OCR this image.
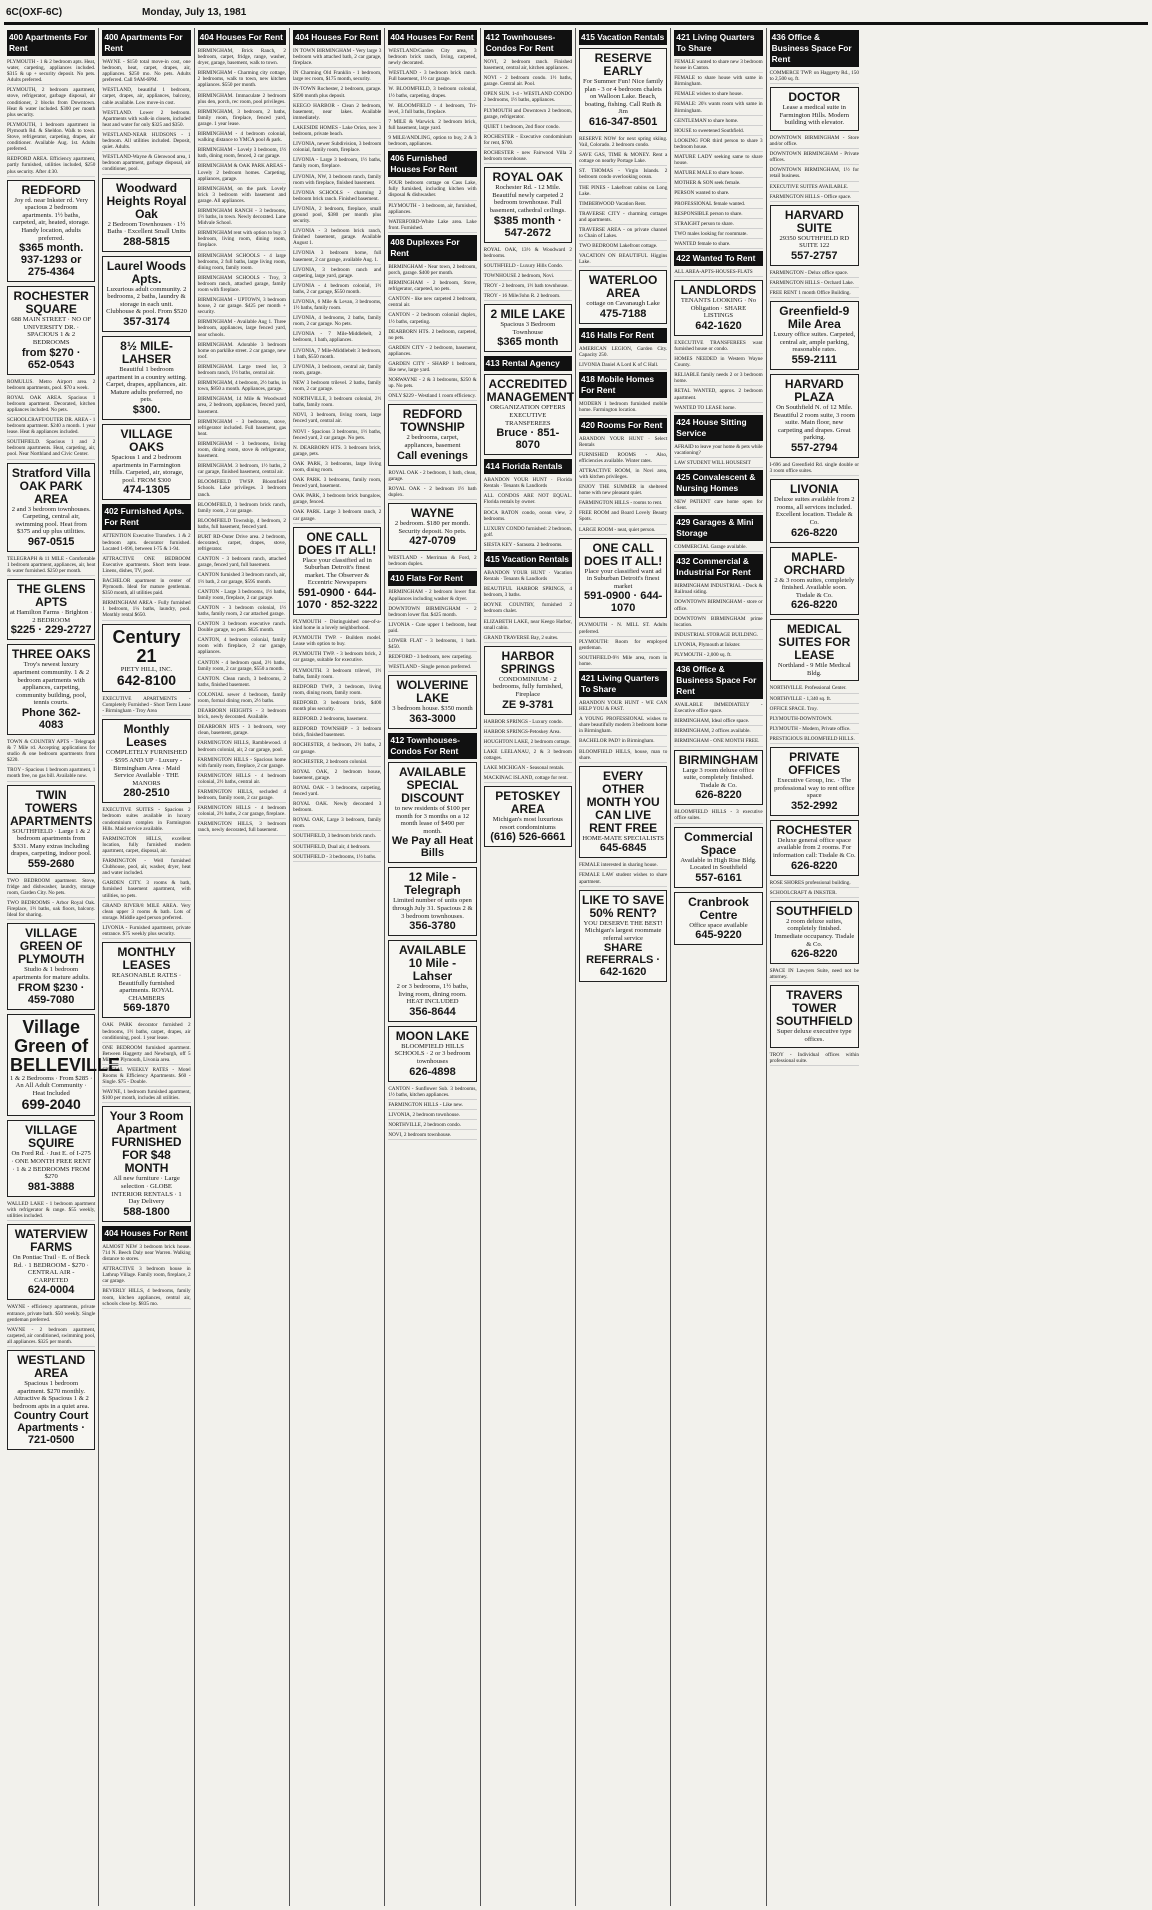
6C(OXF-6C)	Monday, July 13, 1981
400 Apartments For Rent
PLYMOUTH - 1 & 2 bedroom apts. Heat, water, carpeting, appliances included. $315 & up + security deposit. No pets. Adults preferred.
PLYMOUTH, 2 bedroom apartment, stove, refrigerator, garbage disposal, air conditioner, 2 blocks from Downtown. Heat & water included. $300 per month plus security.
PLYMOUTH, 1 bedroom apartment in Plymouth Rd. & Sheldon. Walk to town. Stove, refrigerator, carpeting, drapes, air conditioner. Available Aug. 1st. Adults preferred.
REDFORD AREA. Efficiency apartment, partly furnished, utilities included, $250 plus security. After 4:30.
REDFORD
Joy rd. near Inkster rd. Very spacious 2 bedroom apartments. 1½ baths, carpeted, air, heated, storage. Handy location, adults preferred.
$365 month. 937-1293 or 275-4364
ROCHESTER SQUARE
688 MAIN STREET · NO OF UNIVERSITY DR. · SPACIOUS 1 & 2 BEDROOMS
from $270 · 652-0543
ROMULUS. Metro Airport area. 2 bedroom apartments, pool. $70 a week.
ROYAL OAK AREA. Spacious 1 bedroom apartment. Decorated, kitchen appliances included. No pets.
SCHOOLCRAFT/OUTER DR. AREA - 1 bedroom apartment. $240 a month. 1 year lease. Heat & appliances included.
SOUTHFIELD. Spacious 1 and 2 bedroom apartments. Heat, carpeting, air, pool. Near Northland and Civic Center.
Stratford Villa OAK PARK AREA
2 and 3 bedroom townhouses. Carpeting, central air, swimming pool. Heat from $375 and up plus utilities.
967-0515
TELEGRAPH & 11 MILE - Comfortable 1 bedroom apartment, appliances, air, heat & water furnished. $250 per month.
THE GLENS APTS
at Hamilton Farms · Brighton · 2 BEDROOM
$225 · 229-2727
THREE OAKS
Troy's newest luxury apartment community. 1 & 2 bedroom apartments with appliances, carpeting, community building, pool, tennis courts.
Phone 362-4083
TOWN & COUNTRY APTS - Telegraph & 7 Mile rd. Accepting applications for studio & one bedroom apartments from $220.
TROY - Spacious 1 bedroom apartment, 1 month free, no gas bill. Available now.
TWIN TOWERS APARTMENTS
SOUTHFIELD · Large 1 & 2 bedroom apartments from $331. Many extras including drapes, carpeting, indoor pool.
559-2680
TWO BEDROOM apartment. Stove, fridge and dishwasher, laundry, storage room, Garden City. No pets.
TWO BEDROOMS - Arbor Royal Oak. Fireplace, 1½ baths, oak floors, balcony. Ideal for sharing.
VILLAGE GREEN OF PLYMOUTH
Studio & 1 bedroom apartments for mature adults.
FROM $230 · 459-7080
Village Green of BELLEVILLE
1 & 2 Bedrooms · From $285 · An All Adult Community · Heat Included
699-2040
VILLAGE SQUIRE
On Ford Rd. · Just E. of I-275 · ONE MONTH FREE RENT · 1 & 2 BEDROOMS FROM $270
981-3888
WALLED LAKE - 1 bedroom apartment with refrigerator & range. $55 weekly, utilities included.
WATERVIEW FARMS
On Pontiac Trail · E. of Beck Rd. · 1 BEDROOM - $270 · CENTRAL AIR - CARPETED
624-0004
WAYNE - efficiency apartments, private entrance, private bath. $50 weekly. Single gentleman preferred.
WAYNE - 2 bedroom apartment, carpeted, air conditioned, swimming pool, all appliances. $325 per month.
WESTLAND AREA
Spacious 1 bedroom apartment. $270 monthly. Attractive & Spacious 1 & 2 bedroom apts in a quiet area.
Country Court Apartments · 721-0500
400 Apartments For Rent
WAYNE - $150 total move-in cost, one bedroom, heat, carpet, drapes, air, appliances. $250 mo. No pets. Adults preferred. Call 9AM-6PM.
WESTLAND, beautiful 1 bedroom, carpet, drapes, air, appliances, balcony, cable available. Low move-in cost.
WESTLAND. Lower 2 bedroom. Apartments with walk-in closets, included heat and water for only $325 and $350.
WESTLAND-NEAR HUDSONS - 1 bedroom. All utilities included. Deposit, quiet. Adults.
WESTLAND-Wayne & Glenwood area, 1 bedroom apartment, garbage disposal, air conditioner, pool.
Woodward Heights Royal Oak
2 Bedroom Townhouses · 1½ Baths · Excellent Small Units
288-5815
Laurel Woods Apts.
Luxurious adult community. 2 bedrooms, 2 baths, laundry & storage in each unit. Clubhouse & pool. From $520
357-3174
8½ MILE-LAHSER
Beautiful 1 bedroom apartment in a country setting. Carpet, drapes, appliances, air. Mature adults preferred, no pets.
$300.
VILLAGE OAKS
Spacious 1 and 2 bedroom apartments in Farmington Hills. Carpeted, air, storage, pool. FROM $300
474-1305
402 Furnished Apts. For Rent
ATTENTION Executive Transfers. 1 & 2 bedroom apts. decorator furnished. Located 1-696, between I-75 & 1-94.
ATTRACTIVE ONE BEDROOM Executive apartments. Short term lease. Linens, dishes, TV, pool.
BACHELOR apartment in center of Plymouth. Ideal for mature gentleman. $350 month, all utilities paid.
BIRMINGHAM AREA - Fully furnished 1 bedroom, 1¼ baths, laundry, pool. Monthly rental $650.
Century 21
PIETY HILL, INC.
642-8100
EXECUTIVE APARTMENTS - Completely Furnished - Short Term Lease - Birmingham - Troy Area
Monthly Leases
COMPLETELY FURNISHED · $595 AND UP · Luxury - Birmingham Area · Maid Service Available · THE MANORS
280-2510
EXECUTIVE SUITES - Spacious 2 bedroom suites available in luxury condominium complex in Farmington Hills. Maid service available.
FARMINGTON HILLS, excellent location, fully furnished modern apartment, carpet, disposal, air.
FARMINGTON - Well furnished Clubhouse, pool, air, washer, dryer, heat and water included.
GARDEN CITY. 3 rooms & bath, furnished basement apartment, with utilities, no pets.
GRAND RIVER/8 MILE AREA. Very clean upper 3 rooms & bath. Lots of storage. Middle aged person preferred.
LIVONIA - Furnished apartment, private entrance. $75 weekly plus security.
MONTHLY LEASES
REASONABLE RATES · Beautifully furnished apartments. ROYAL CHAMBERS
569-1870
OAK PARK decorator furnished 2 bedrooms, 1½ baths, carpet, drapes, air conditioning, pool. 1 year lease.
ONE BEDROOM furnished apartment. Between Haggerty and Newburgh, off 5 Mile rd. Plymouth, Livonia area.
SPECIAL WEEKLY RATES - Motel Rooms & Efficiency Apartments. $60 - Single. $75 - Double.
WAYNE, 1 bedroom furnished apartment, $100 per month, includes all utilities.
Your 3 Room Apartment FURNISHED FOR $48 MONTH
All new furniture · Large selection · GLOBE INTERIOR RENTALS · 1 Day Delivery
588-1800
404 Houses For Rent
ALMOST NEW 3 bedroom brick house. 714 N. Beech Daly near Warren. Walking distance to stores.
ATTRACTIVE 3 bedroom house in Lathrup Village. Family room, fireplace, 2 car garage.
BEVERLY HILLS, 4 bedrooms, family room, kitchen appliances, central air, schools close by. $835 mo.
404 Houses For Rent
BIRMINGHAM, Brick Ranch, 2 bedroom, carpet, fridge, range, washer, dryer, garage, basement, walk to town.
BIRMINGHAM - Charming city cottage, 2 bedrooms, walk to town, new kitchen appliances. $550 per month.
BIRMINGHAM. Immaculate 2 bedroom plus den, porch, rec room, pool privileges.
BIRMINGHAM, 3 bedroom, 2 baths, family room, fireplace, fenced yard, garage. 1 year lease.
BIRMINGHAM - 4 bedroom colonial, walking distance to YMCA pool & park.
BIRMINGHAM - Lovely 3 bedroom, 1½ bath, dining room, fenced, 2 car garage.
BIRMINGHAM & OAK PARK AREAS - Lovely 2 bedroom homes. Carpeting, appliances, garage.
BIRMINGHAM, on the park. Lovely brick 3 bedroom with basement and garage. All appliances.
BIRMINGHAM RANCH - 3 bedrooms, 1½ baths, in town. Newly decorated. Lane Midvale School.
BIRMINGHAM rent with option to buy. 3 bedroom, living room, dining room, fireplace.
BIRMINGHAM SCHOOLS - 4 large bedrooms, 2 full baths, large living room, dining room, family room.
BIRMINGHAM SCHOOLS - Troy, 3 bedroom ranch, attached garage, family room with fireplace.
BIRMINGHAM - UPTOWN, 3 bedroom house, 2 car garage. $425 per month + security.
BIRMINGHAM - Available Aug 1. Three bedroom, appliances, large fenced yard, near schools.
BIRMINGHAM. Adorable 3 bedroom home on parklike street. 2 car garage, new roof.
BIRMINGHAM. Large treed lot, 3 bedroom ranch, 1½ baths, central air.
BIRMINGHAM, 4 bedroom, 2½ baths, in town, $850 a month. Appliances, garage.
BIRMINGHAM, 14 Mile & Woodward area, 2 bedroom, appliances, fenced yard, basement.
BIRMINGHAM - 3 bedrooms, stove, refrigerator included. Full basement, gas heat.
BIRMINGHAM - 3 bedrooms, living room, dining room, stove & refrigerator, basement.
BIRMINGHAM. 3 bedroom, 1½ baths, 2 car garage, finished basement, central air.
BLOOMFIELD TWSP. Bloomfield Schools. Lake privileges. 3 bedroom ranch.
BLOOMFIELD, 3 bedroom brick ranch, family room, 2 car garage.
BLOOMFIELD Township, 4 bedroom, 2 baths, full basement, fenced yard.
BURT RD-Outer Drive area. 2 bedroom, decorated, carpet, drapes, stove, refrigerator.
CANTON - 3 bedroom ranch, attached garage, fenced yard, full basement.
CANTON furnished 3 bedroom ranch, air, 1½ bath, 2 car garage, $595 month.
CANTON - Large 3 bedrooms, 1½ baths, family room, fireplace, 2 car garage.
CANTON - 3 bedroom colonial, 1½ baths, family room, 2 car attached garage.
CANTON 3 bedroom executive ranch. Double garage, no pets. $625 month.
CANTON, 4 bedroom colonial, family room with fireplace, 2 car garage, appliances.
CANTON - 4 bedroom quad, 2½ baths, family room, 2 car garage, $550 a month.
CANTON. Clean ranch, 3 bedrooms, 2 baths, finished basement.
COLONIAL sewer 4 bedroom, family room, formal dining room, 2½ baths.
DEARBORN HEIGHTS - 3 bedroom brick, newly decorated. Available.
DEARBORN HTS - 3 bedroom, very clean, basement, garage.
FARMINGTON HILLS, Ramblewood. 4 bedroom colonial, air, 2 car garage, pool.
FARMINGTON HILLS - Spacious home with family room, fireplace, 2 car garage.
FARMINGTON HILLS - 4 bedroom colonial, 2½ baths, central air.
FARMINGTON HILLS, secluded 4 bedroom, family room, 2 car garage.
FARMINGTON HILLS - 4 bedroom colonial, 2½ baths, 2 car garage, fireplace.
FARMINGTON HILLS, 3 bedroom ranch, newly decorated, full basement.
404 Houses For Rent
IN TOWN BIRMINGHAM - Very large 3 bedroom with attached bath, 2 car garage, fireplace.
IN Charming Old Franklin - 1 bedroom, large rec room, $175 month, security.
IN-TOWN Rochester, 2 bedroom, garage. $390 month plus deposit.
KEEGO HARBOR - Clean 2 bedroom, basement, near lakes. Available immediately.
LAKESIDE HOMES - Lake Orion, new 3 bedroom, private beach.
LIVONIA, newer Subdivision, 3 bedroom colonial, family room, fireplace.
LIVONIA - Large 3 bedroom, 1½ baths, family room, fireplace.
LIVONIA, NW, 3 bedroom ranch, family room with fireplace, finished basement.
LIVONIA SCHOOLS - charming 2 bedroom brick ranch. Finished basement.
LIVONIA, 2 bedroom, fireplace, small ground pool, $380 per month plus security.
LIVONIA - 3 bedroom brick ranch, finished basement, garage. Available August 1.
LIVONIA 3 bedroom home, full basement, 2 car garage, available Aug. 1.
LIVONIA, 3 bedroom ranch and carpeting, large yard, garage.
LIVONIA - 4 bedroom colonial, 1½ baths, 2 car garage, $550 month.
LIVONIA, 6 Mile & Levan, 3 bedrooms, 1½ baths, family room.
LIVONIA, 4 bedrooms, 2 baths, family room, 2 car garage. No pets.
LIVONIA - 7 Mile-Middlebelt, 2 bedroom, 1 bath, appliances.
LIVONIA, 7 Mile-Middlebelt 3 bedroom, 1 bath, $550 month.
LIVONIA, 3 bedroom, central air, family room, garage.
NEW 3 bedroom trilevel. 2 baths, family room, 2 car garage.
NORTHVILLE, 3 bedroom colonial, 2½ baths, family room.
NOVI, 3 bedroom, living room, large fenced yard, central air.
NOVI - Spacious 3 bedrooms, 1½ baths, fenced yard, 2 car garage. No pets.
N. DEARBORN HTS. 3 bedroom brick, garage, pets.
OAK PARK, 3 bedrooms, large living room, dining room.
OAK PARK. 3 bedrooms, family room, fenced yard, basement.
OAK PARK, 3 bedroom brick bungalow, garage, fenced.
OAK PARK. Large 3 bedroom ranch, 2 car garage.
ONE CALL DOES IT ALL!
Place your classified ad in Suburban Detroit's finest market. The Observer & Eccentric Newspapers
591-0900 · 644-1070 · 852-3222
PLYMOUTH - Distinguished one-of-a-kind home in a lovely neighborhood.
PLYMOUTH TWP. - Builders model. Lease with option to buy.
PLYMOUTH TWP. - 3 bedroom brick, 2 car garage, suitable for executive.
PLYMOUTH. 3 bedroom trilevel, 1½ baths, family room.
REDFORD TWP., 3 bedroom, living room, dining room, family room.
REDFORD. 3 bedroom brick, $400 month plus security.
REDFORD. 2 bedrooms, basement.
REDFORD TOWNSHIP - 3 bedroom brick, finished basement.
ROCHESTER, 4 bedroom, 2½ baths, 2 car garage.
ROCHESTER, 2 bedroom colonial.
ROYAL OAK, 2 bedroom house, basement, garage.
ROYAL OAK - 3 bedrooms, carpeting, fenced yard.
ROYAL OAK. Newly decorated 3 bedroom.
ROYAL OAK, Large 3 bedroom, family room.
SOUTHFIELD, 3 bedroom brick ranch.
SOUTHFIELD, Dual air, 4 bedroom.
SOUTHFIELD - 3 bedrooms, 1½ baths.
404 Houses For Rent
WESTLAND/Garden City area, 3 bedroom brick ranch, living, carpeted, newly decorated.
WESTLAND - 3 bedroom brick ranch. Full basement, 1½ car garage.
W. BLOOMFIELD, 3 bedroom colonial, 1½ baths, carpeting, drapes.
W. BLOOMFIELD - 4 bedroom, Tri-level, 3 full baths, fireplace.
7 MILE & Warwick. 2 bedroom brick, full basement, large yard.
9 MILE/ANDLING, option to buy, 2 & 3 bedroom, appliances.
406 Furnished Houses For Rent
FOUR bedroom cottage on Cass Lake, fully furnished, including kitchen with disposal & dishwasher.
PLYMOUTH - 3 bedroom, air, furnished, appliances.
WATERFORD-White Lake area. Lake front. Furnished.
408 Duplexes For Rent
BIRMINGHAM - Near town, 2 bedroom, porch, garage. $400 per month.
BIRMINGHAM - 2 bedroom, Stove, refrigerator, carpeted, no pets.
CANTON - like new carpeted 2 bedroom, central air.
CANTON - 2 bedroom colonial duplex, 1½ baths, carpeting.
DEARBORN HTS. 2 bedroom, carpeted, no pets.
GARDEN CITY - 2 bedroom, basement, appliances.
GARDEN CITY - SHARP 1 bedroom, like new, large yard.
NORWAYNE - 2 & 3 bedrooms, $250 & up. No pets.
ONLY $229 - Westland 1 room efficiency.
REDFORD TOWNSHIP
2 bedrooms, carpet, appliances, basement
Call evenings
ROYAL OAK - 2 bedroom, 1 bath, clean, garage.
ROYAL OAK - 2 bedroom 1½ bath duplex.
WAYNE
2 bedroom. $180 per month. Security deposit. No pets.
427-0709
WESTLAND - Merriman & Ford, 2 bedroom duplex.
410 Flats For Rent
BIRMINGHAM - 2 bedroom lower flat. Appliances including washer & dryer.
DOWNTOWN BIRMINGHAM - 2 bedroom lower flat. $425 month.
LIVONIA - Cute upper 1 bedroom, heat paid.
LOWER FLAT - 3 bedrooms, 1 bath. $450.
REDFORD - 3 bedroom, new carpeting.
WESTLAND - Single person preferred.
WOLVERINE LAKE
3 bedroom house. $350 month
363-3000
412 Townhouses-Condos For Rent
AVAILABLE SPECIAL DISCOUNT
to new residents of $100 per month for 3 months on a 12 month lease of $490 per month.
We Pay all Heat Bills
12 Mile - Telegraph
Limited number of units open through July 31. Spacious 2 & 3 bedroom townhouses.
356-3780
AVAILABLE 10 Mile - Lahser
2 or 3 bedrooms, 1½ baths, living room, dining room. HEAT INCLUDED
356-8644
MOON LAKE
BLOOMFIELD HILLS SCHOOLS · 2 or 3 bedroom townhouses
626-4898
CANTON - Sunflower Sub. 3 bedrooms, 1½ baths, kitchen appliances.
FARMINGTON HILLS - Like new.
LIVONIA, 2 bedroom townhouse.
NORTHVILLE, 2 bedroom condo.
NOVI, 2 bedroom townhouse.
412 Townhouses-Condos For Rent
NOVI, 2 bedroom ranch. Finished basement, central air, kitchen appliances.
NOVI - 2 bedroom condo. 1½ baths, garage. Central air. Pool.
OPEN SUN. 1-4 - WESTLAND CONDO 2 bedrooms, 1½ baths, appliances.
PLYMOUTH and Downtown 2 bedroom, garage, refrigerator.
QUIET 1 bedroom, 2nd floor condo.
ROCHESTER - Executive condominium for rent, $700.
ROCHESTER - new Fairwood Villa 2 bedroom townhouse.
ROYAL OAK
Rochester Rd. - 12 Mile. Beautiful newly carpeted 2 bedroom townhouse. Full basement, cathedral ceilings.
$385 month · 547-2672
ROYAL OAK, 13½ & Woodward 2 bedrooms.
SOUTHFIELD - Luxury Hills Condo.
TOWNHOUSE 2 bedroom, Novi.
TROY - 2 bedroom, 1½ bath townhouse.
TROY - 16 Mile/John R. 2 bedroom.
2 MILE LAKE
Spacious 3 Bedroom Townhouse
$365 month
413 Rental Agency
ACCREDITED MANAGEMENT
ORGANIZATION OFFERS EXECUTIVE TRANSFEREES
Bruce · 851-8070
414 Florida Rentals
ABANDON YOUR HUNT · Florida Rentals · Tenants & Landlords
ALL CONDOS ARE NOT EQUAL. Florida rentals by owner.
BOCA RATON condo, ocean view, 2 bedrooms.
LUXURY CONDO furnished: 2 bedroom, golf.
SIESTA KEY - Sarasota. 2 bedrooms.
415 Vacation Rentals
ABANDON YOUR HUNT · Vacation Rentals · Tenants & Landlords
BEAUTIFUL HARBOR SPRINGS, 4 bedroom, 3 baths.
BOYNE COUNTRY, furnished 2 bedroom chalet.
ELIZABETH LAKE, near Keego Harbor, small cabin.
GRAND TRAVERSE Bay, 2 suites.
HARBOR SPRINGS
CONDOMINIUM · 2 bedrooms, fully furnished, Fireplace
ZE 9-3781
HARBOR SPRINGS - Luxury condo.
HARBOR SPRINGS-Petoskey Area.
HOUGHTON LAKE, 2 bedroom cottage.
LAKE LEELANAU, 2 & 3 bedroom cottages.
LAKE MICHIGAN - Seasonal rentals.
MACKINAC ISLAND, cottage for rent.
PETOSKEY AREA
Michigan's most luxurious resort condominiums
(616) 526-6661
415 Vacation Rentals
RESERVE EARLY
For Summer Fun! Nice family plan - 3 or 4 bedroom chalets on Walloon Lake. Beach, boating, fishing. Call Ruth & Jim
616-347-8501
RESERVE NOW for next spring skiing. Vail, Colorado. 2 bedroom condo.
SAVE GAS, TIME & MONEY. Rent a cottage on nearby Portage Lake.
ST. THOMAS - Virgin Islands. 2 bedroom condo overlooking ocean.
THE PINES - Lakefront cabins on Long Lake.
TIMBERWOOD Vacation Rent.
TRAVERSE CITY - charming cottages and apartments.
TRAVERSE AREA - on private channel to Chain of Lakes.
TWO BEDROOM Lakefront cottage.
VACATION ON BEAUTIFUL Higgins Lake.
WATERLOO AREA
cottage on Cavanaugh Lake
475-7188
416 Halls For Rent
AMERICAN LEGION, Garden City. Capacity 250.
LIVONIA Daniel A Lord K of C Hall.
418 Mobile Homes For Rent
MODERN 1 bedroom furnished mobile home. Farmington location.
420 Rooms For Rent
ABANDON YOUR HUNT · Select Rentals
FURNISHED ROOMS - Also, efficiencies available. Winter rates.
ATTRACTIVE ROOM, in Novi area, with kitchen privileges.
ENJOY THE SUMMER in sheltered home with new pleasant quiet.
FARMINGTON HILLS - rooms to rent.
FREE ROOM and Board Lovely Beauty Spots.
LARGE ROOM - neat, quiet person.
ONE CALL DOES IT ALL!
Place your classified want ad in Suburban Detroit's finest market
591-0900 · 644-1070
PLYMOUTH - N. MILL ST. Adults preferred.
PLYMOUTH: Room for employed gentleman.
SOUTHFIELD-9½ Mile area, room in home.
421 Living Quarters To Share
ABANDON YOUR HUNT - WE CAN HELP YOU & FAST.
A YOUNG PROFESSIONAL wishes to share beautifully modern 3 bedroom home in Birmingham.
BACHELOR PAD? in Birmingham.
BLOOMFIELD HILLS, house, man to share.
EVERY OTHER MONTH YOU CAN LIVE RENT FREE
HOME-MATE SPECIALISTS
645-6845
FEMALE interested in sharing house.
FEMALE LAW student wishes to share apartment.
LIKE TO SAVE 50% RENT?
YOU DESERVE THE BEST! Michigan's largest roommate referral service
SHARE REFERRALS · 642-1620
421 Living Quarters To Share
FEMALE wanted to share new 3 bedroom house in Canton.
FEMALE to share house with same in Birmingham.
FEMALE wishes to share house.
FEMALE: 20's wants room with same in Birmingham.
GENTLEMAN to share home.
HOUSE to sweetened Southfield.
LOOKING FOR third person to share 3 bedroom house.
MATURE LADY seeking same to share house.
MATURE MALE to share house.
MOTHER & SON seek female.
PERSON wanted to share.
PROFESSIONAL female wanted.
RESPONSIBLE person to share.
STRAIGHT person to share.
TWO males looking for roommate.
WANTED female to share.
422 Wanted To Rent
ALL AREA-APTS-HOUSES-FLATS
LANDLORDS
TENANTS LOOKING · No Obligation · SHARE LISTINGS
642-1620
EXECUTIVE TRANSFEREES want furnished house or condo.
HOMES NEEDED in Western Wayne County.
RELIABLE family needs 2 or 3 bedroom home.
RETAL WANTED, approx. 2 bedroom apartment.
WANTED TO LEASE home.
424 House Sitting Service
AFRAID to leave your home & pets while vacationing?
LAW STUDENT WILL HOUSESIT
425 Convalescent & Nursing Homes
NEW PATIENT care home open for client.
429 Garages & Mini Storage
COMMERCIAL Garage available.
432 Commercial & Industrial For Rent
BIRMINGHAM INDUSTRIAL - Dock & Railroad siding.
DOWNTOWN BIRMINGHAM - store or office.
DOWNTOWN BIRMINGHAM prime location.
INDUSTRIAL STORAGE BUILDING.
LIVONIA, Plymouth at Inkster.
PLYMOUTH - 2,000 sq. ft.
436 Office & Business Space For Rent
AVAILABLE IMMEDIATELY - Executive office space.
BIRMINGHAM, Ideal office space.
BIRMINGHAM, 2 offices available.
BIRMINGHAM - ONE MONTH FREE.
BIRMINGHAM
Large 3 room deluxe office suite, completely finished. Tisdale & Co.
626-8220
BLOOMFIELD HILLS - 3 executive office suites.
Commercial Space
Available in High Rise Bldg. Located in Southfield
557-6161
Cranbrook Centre
Office space available
645-9220
436 Office & Business Space For Rent
COMMERCE TWP. on Haggerty Rd., 150 to 2,500 sq. ft.
DOCTOR
Lease a medical suite in Farmington Hills. Modern building with elevator.
DOWNTOWN BIRMINGHAM - Store and/or office.
DOWNTOWN BIRMINGHAM - Private offices.
DOWNTOWN BIRMINGHAM, 1½ for retail business.
EXECUTIVE SUITES AVAILABLE.
FARMINGTON HILLS - Office space.
HARVARD SUITE
29350 SOUTHFIELD RD SUITE 122
557-2757
FARMINGTON - Delux office space.
FARMINGTON HILLS - Orchard Lake.
FREE RENT 1 month Office Building.
Greenfield-9 Mile Area
Luxury office suites. Carpeted, central air, ample parking, reasonable rates.
559-2111
HARVARD PLAZA
On Southfield N. of 12 Mile. Beautiful 2 room suite, 3 room suite. Main floor, new carpeting and drapes. Great parking.
557-2794
I-696 and Greenfield Rd. single double or 3 room office suites.
LIVONIA
Deluxe suites available from 2 rooms, all services included. Excellent location. Tisdale & Co.
626-8220
MAPLE-ORCHARD
2 & 3 room suites, completely finished. Available soon. Tisdale & Co.
626-8220
MEDICAL SUITES FOR LEASE
Northland - 9 Mile Medical Bldg.
NORTHVILLE. Professional Center.
NORTHVILLE - 1,340 sq. ft.
OFFICE SPACE. Troy.
PLYMOUTH-DOWNTOWN.
PLYMOUTH - Modern, Private office.
PRESTIGIOUS BLOOMFIELD HILLS.
PRIVATE OFFICES
Executive Group, Inc. · The professional way to rent office space
352-2992
ROCHESTER
Deluxe general office space available from 2 rooms. For information call: Tisdale & Co.
626-8220
ROSE SHORES professional building.
SCHOOLCRAFT & INKSTER.
SOUTHFIELD
2 room deluxe suites, completely finished. Immediate occupancy. Tisdale & Co.
626-8220
SPACE IN Lawyers Suite, need not be attorney.
TRAVERS TOWER SOUTHFIELD
Super deluxe executive type offices.
TROY - Individual offices within professional suite.
